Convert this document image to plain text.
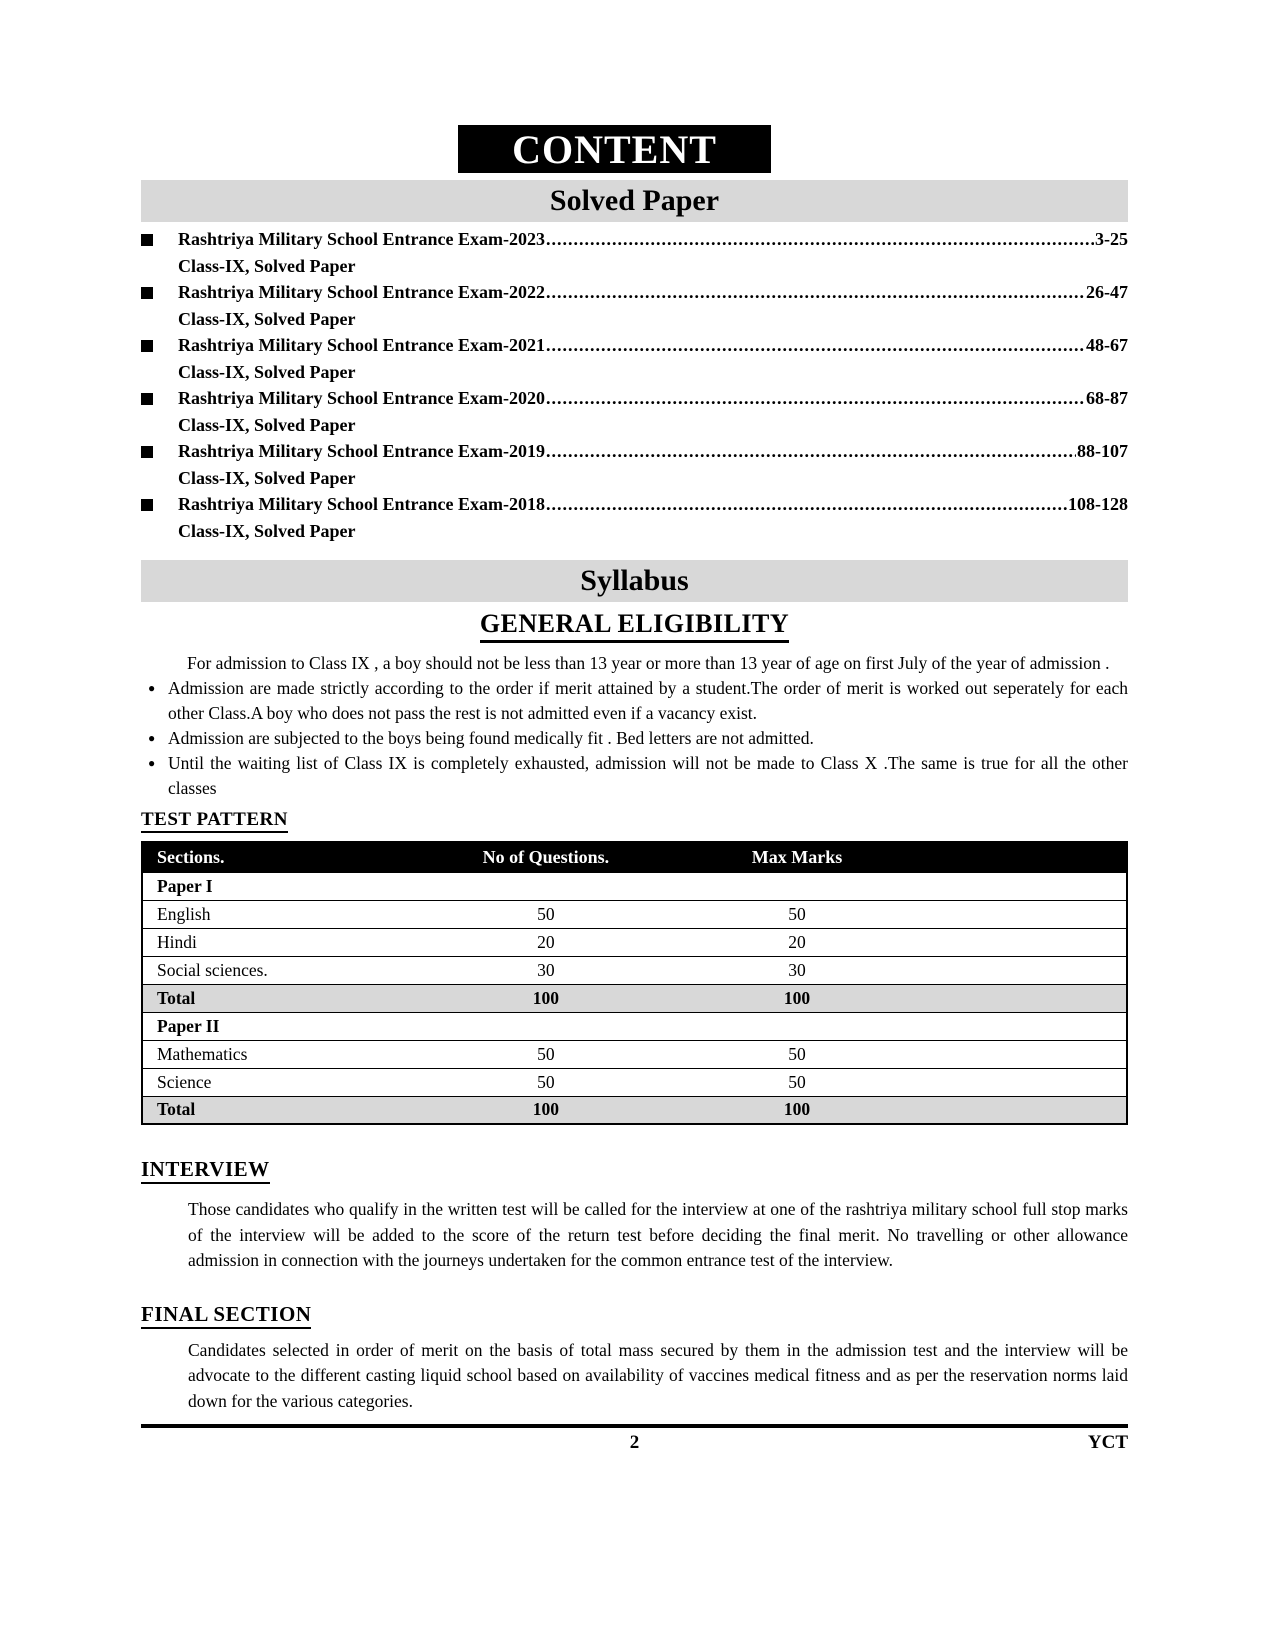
CONTENT
Solved Paper
Rashtriya Military School Entrance Exam-2023 .....	3-25
Class-IX, Solved Paper
Rashtriya Military School Entrance Exam-2022 .....	26-47
Class-IX, Solved Paper
Rashtriya Military School Entrance Exam-2021 .....	48-67
Class-IX, Solved Paper
Rashtriya Military School Entrance Exam-2020 .....	68-87
Class-IX, Solved Paper
Rashtriya Military School Entrance Exam-2019 .....	88-107
Class-IX, Solved Paper
Rashtriya Military School Entrance Exam-2018 .....	108-128
Class-IX, Solved Paper
Syllabus
GENERAL ELIGIBILITY

For admission to Class IX , a boy should not be less than 13 year or more than 13 year of age on first July of the year of admission .

● Admission are made strictly according to the order if merit attained by a student.The order of merit is worked out seperately for each other Class.A boy who does not pass the rest is not admitted even if a vacancy exist.
● Admission are subjected to the boys being found medically fit . Bed letters are not admitted.
● Until the waiting list of Class IX is completely exhausted, admission will not be made to Class X .The same is true for all the other classes
TEST PATTERN
Sections.	No of Questions.	Max Marks	
Paper I			
English	50	50	
Hindi	20	20	
Social sciences.	30	30	
Total	100	100	
Paper II			
Mathematics	50	50	
Science	50	50	
Total	100	100	
INTERVIEW

Those candidates who qualify in the written test will be called for the interview at one of the rashtriya military school full stop marks of the interview will be added to the score of the return test before deciding the final merit. No travelling or other allowance admission in connection with the journeys undertaken for the common entrance test of the interview.

FINAL SECTION

Candidates selected in order of merit on the basis of total mass secured by them in the admission test and the interview will be advocate to the different casting liquid school based on availability of vaccines medical fitness and as per the reservation norms laid down for the various categories.

2	YCT
